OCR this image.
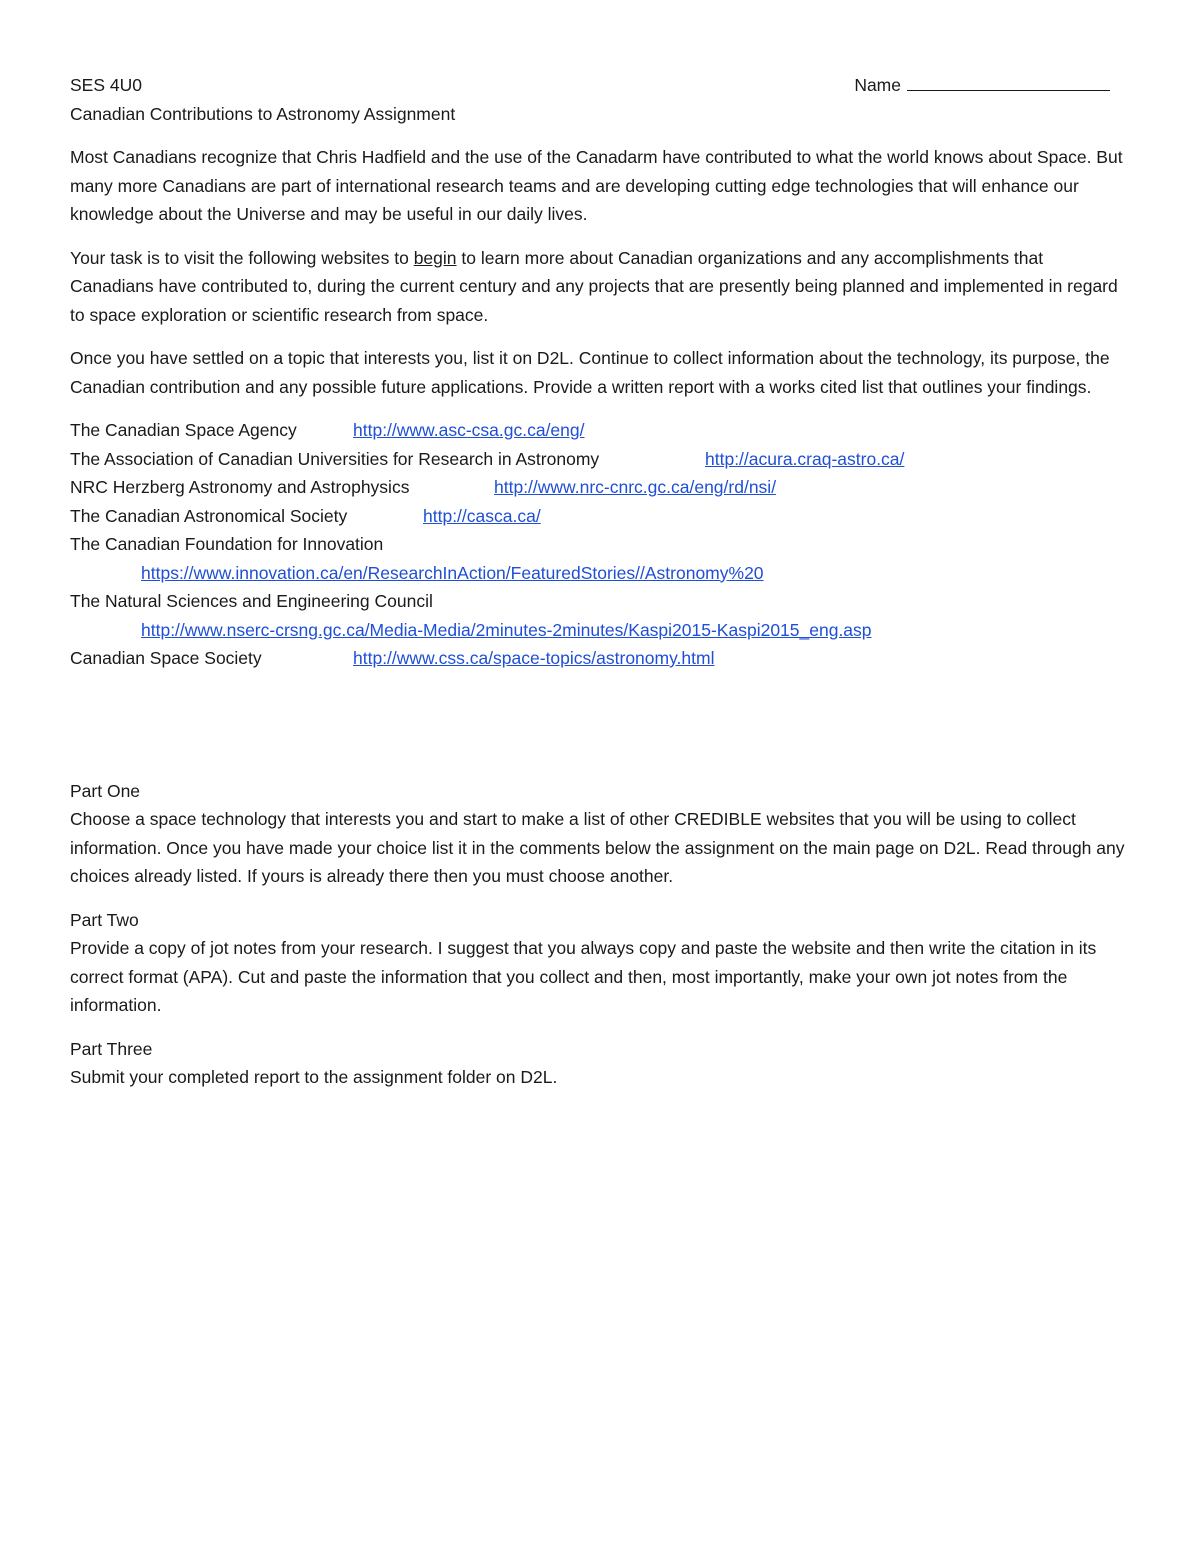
SES 4U0	Name

Canadian Contributions to Astronomy Assignment

Most Canadians recognize that Chris Hadfield and the use of the Canadarm have contributed to what the world knows about Space. But many more Canadians are part of international research teams and are developing cutting edge technologies that will enhance our knowledge about the Universe and may be useful in our daily lives.

Your task is to visit the following websites to begin to learn more about Canadian organizations and any accomplishments that Canadians have contributed to, during the current century and any projects that are presently being planned and implemented in regard to space exploration or scientific research from space.

Once you have settled on a topic that interests you, list it on D2L. Continue to collect information about the technology, its purpose, the Canadian contribution and any possible future applications. Provide a written report with a works cited list that outlines your findings.

The Canadian Space Agency	http://www.asc-csa.gc.ca/eng/
The Association of Canadian Universities for Research in Astronomy	http://acura.craq-astro.ca/
NRC Herzberg Astronomy and Astrophysics	http://www.nrc-cnrc.gc.ca/eng/rd/nsi/
The Canadian Astronomical Society	http://casca.ca/
The Canadian Foundation for Innovation
https://www.innovation.ca/en/ResearchInAction/FeaturedStories//Astronomy%20
The Natural Sciences and Engineering Council
http://www.nserc-crsng.gc.ca/Media-Media/2minutes-2minutes/Kaspi2015-Kaspi2015_eng.asp
Canadian Space Society	http://www.css.ca/space-topics/astronomy.html
Part One

Choose a space technology that interests you and start to make a list of other CREDIBLE websites that you will be using to collect information. Once you have made your choice list it in the comments below the assignment on the main page on D2L. Read through any choices already listed. If yours is already there then you must choose another.

Part Two

Provide a copy of jot notes from your research. I suggest that you always copy and paste the website and then write the citation in its correct format (APA). Cut and paste the information that you collect and then, most importantly, make your own jot notes from the information.

Part Three

Submit your completed report to the assignment folder on D2L.
